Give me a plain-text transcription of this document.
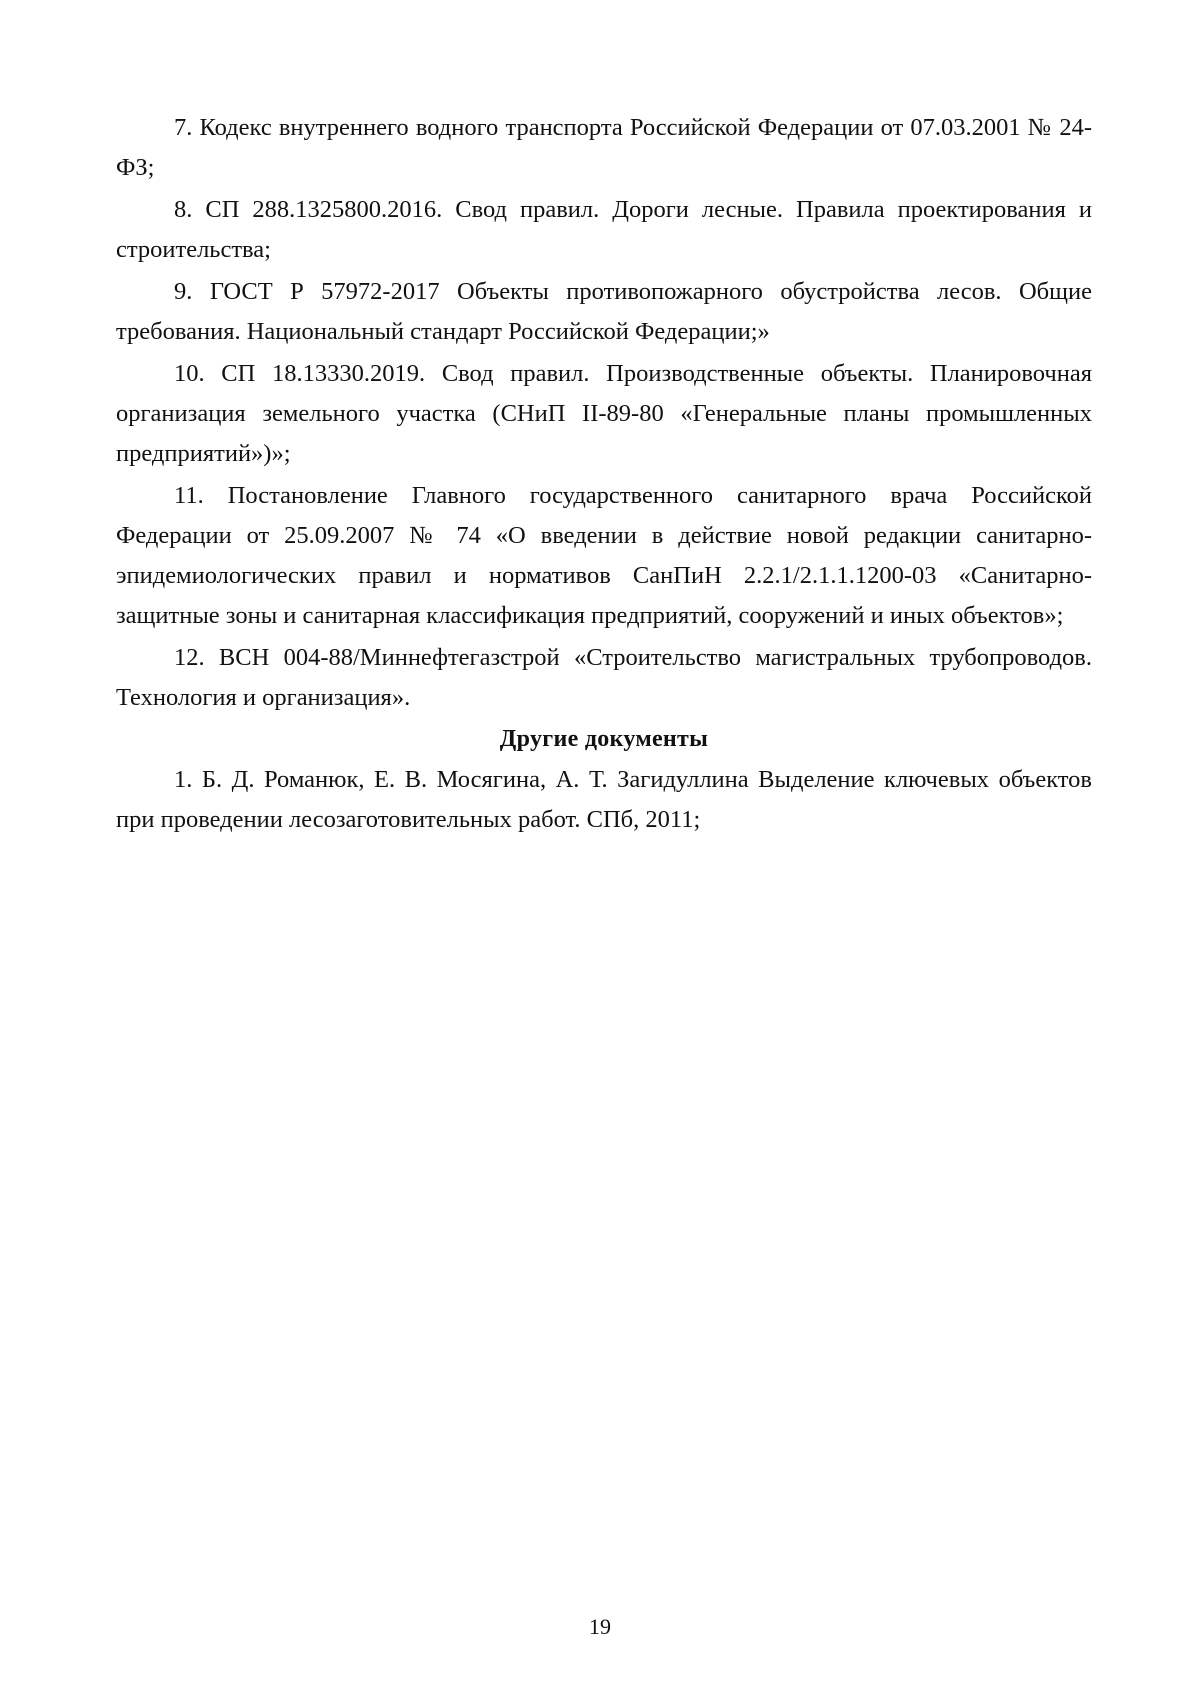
7. Кодекс внутреннего водного транспорта Российской Федерации от 07.03.2001 № 24-ФЗ;

8. СП 288.1325800.2016. Свод правил. Дороги лесные. Правила проектирования и строительства;

9. ГОСТ Р 57972-2017 Объекты противопожарного обустройства лесов. Общие требования. Национальный стандарт Российской Федерации;»

10. СП 18.13330.2019. Свод правил. Производственные объекты. Планировочная организация земельного участка (СНиП II-89-80 «Генеральные планы промышленных предприятий»)»;

11. Постановление Главного государственного санитарного врача Российской Федерации от 25.09.2007 № 74 «О введении в действие новой редакции санитарно-эпидемиологических правил и нормативов СанПиН 2.2.1/2.1.1.1200-03 «Санитарно-защитные зоны и санитарная классификация предприятий, сооружений и иных объектов»;

12. ВСН 004-88/Миннефтегазстрой «Строительство магистральных трубопроводов. Технология и организация».

Другие документы

1. Б. Д. Романюк, Е. В. Мосягина, А. Т. Загидуллина Выделение ключевых объектов при проведении лесозаготовительных работ. СПб, 2011;

19
